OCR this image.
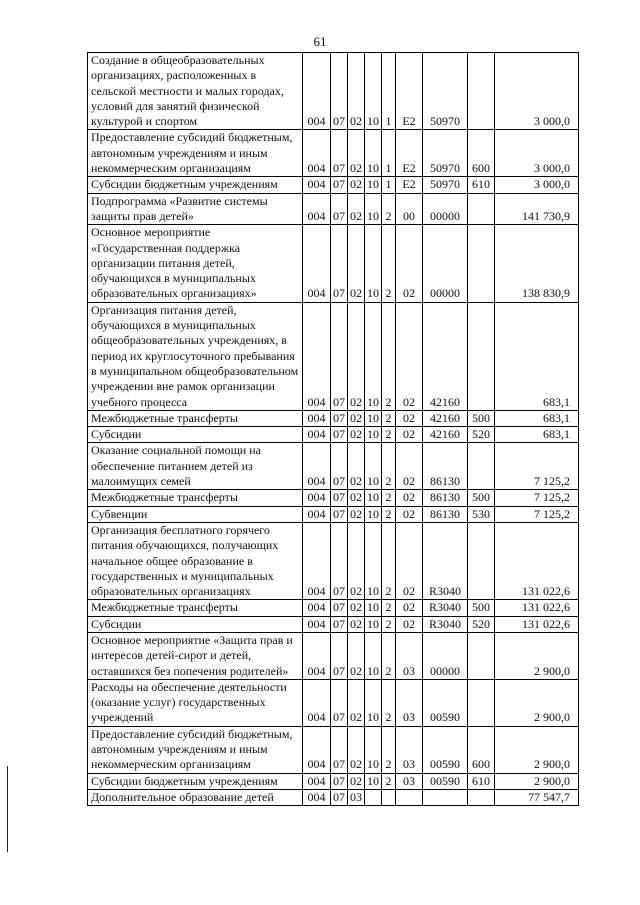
61
Создание в общеобразовательных организациях, расположенных в сельской местности и малых городах, условий для занятий физической культурой и спортом	004	07	02	10	1	E2	50970		3 000,0
Предоставление субсидий бюджетным, автономным учреждениям и иным некоммерческим организациям	004	07	02	10	1	E2	50970	600	3 000,0
Субсидии бюджетным учреждениям	004	07	02	10	1	E2	50970	610	3 000,0
Подпрограмма «Развитие системы защиты прав детей»	004	07	02	10	2	00	00000		141 730,9
Основное мероприятие «Государственная поддержка организации питания детей, обучающихся в муниципальных образовательных организациях»	004	07	02	10	2	02	00000		138 830,9
Организация питания детей, обучающихся в муниципальных общеобразовательных учреждениях, в период их круглосуточного пребывания в муниципальном общеобразовательном учреждении вне рамок организации учебного процесса	004	07	02	10	2	02	42160		683,1
Межбюджетные трансферты	004	07	02	10	2	02	42160	500	683,1
Субсидии	004	07	02	10	2	02	42160	520	683,1
Оказание социальной помощи на обеспечение питанием детей из малоимущих семей	004	07	02	10	2	02	86130		7 125,2
Межбюджетные трансферты	004	07	02	10	2	02	86130	500	7 125,2
Субвенции	004	07	02	10	2	02	86130	530	7 125,2
Организация бесплатного горячего питания обучающихся, получающих начальное общее образование в государственных и муниципальных образовательных организациях	004	07	02	10	2	02	R3040		131 022,6
Межбюджетные трансферты	004	07	02	10	2	02	R3040	500	131 022,6
Субсидии	004	07	02	10	2	02	R3040	520	131 022,6
Основное мероприятие «Защита прав и интересов детей-сирот и детей, оставшихся без попечения родителей»	004	07	02	10	2	03	00000		2 900,0
Расходы на обеспечение деятельности (оказание услуг) государственных учреждений	004	07	02	10	2	03	00590		2 900,0
Предоставление субсидий бюджетным, автономным учреждениям и иным некоммерческим организациям	004	07	02	10	2	03	00590	600	2 900,0
Субсидии бюджетным учреждениям	004	07	02	10	2	03	00590	610	2 900,0
Дополнительное образование детей	004	07	03						77 547,7
